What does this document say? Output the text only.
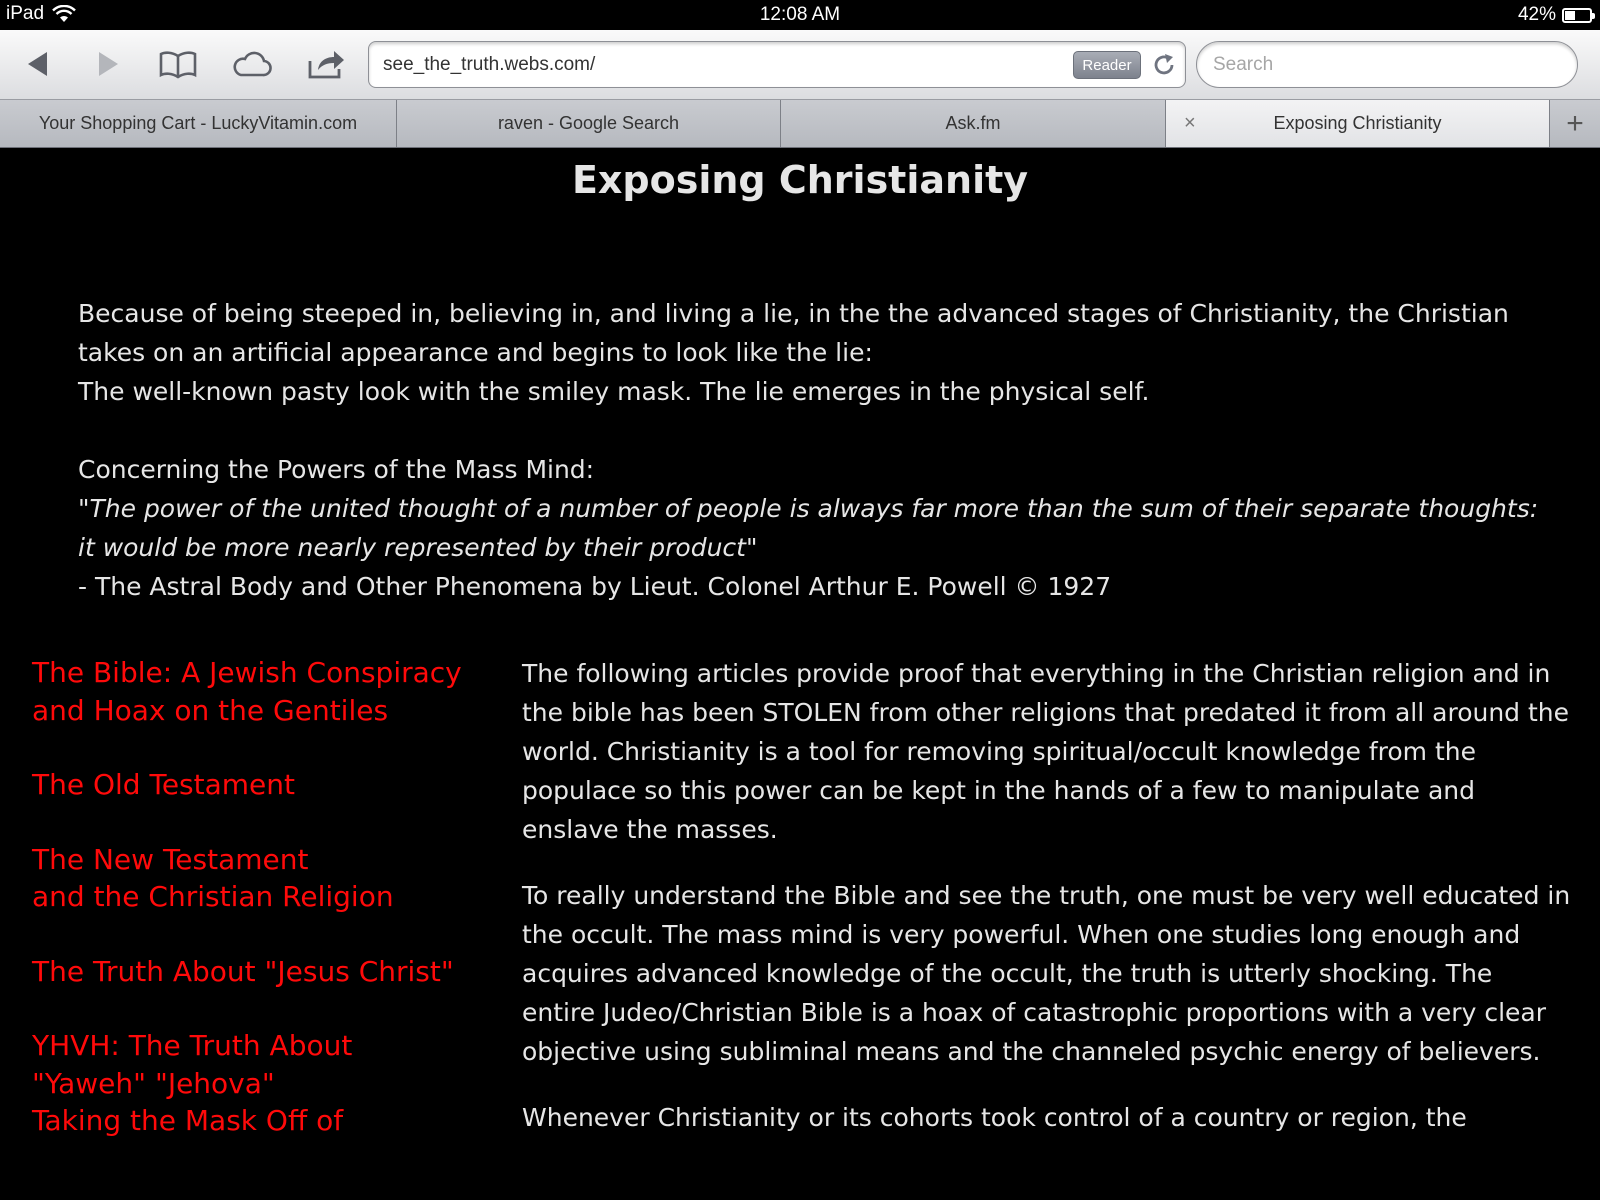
iPad	12:08 AM	42%
see_the_truth.webs.com/	Reader
Search
Your Shopping Cart - LuckyVitamin.com	raven - Google Search	Ask.fm	×	Exposing Christianity	+
Exposing Christianity

Because of being steeped in, believing in, and living a lie, in the the advanced stages of Christianity, the Christian takes on an artificial appearance and begins to look like the lie:

The well-known pasty look with the smiley mask. The lie emerges in the physical self.

Concerning the Powers of the Mass Mind:

"The power of the united thought of a number of people is always far more than the sum of their separate thoughts: it would be more nearly represented by their product"

- The Astral Body and Other Phenomena by Lieut. Colonel Arthur E. Powell © 1927

The Bible: A Jewish Conspiracy and Hoax on the Gentiles
The Old Testament
The New Testament
and the Christian Religion
The Truth About "Jesus Christ"
YHVH: The Truth About
"Yaweh" "Jehova"
Taking the Mask Off of

The following articles provide proof that everything in the Christian religion and in the bible has been STOLEN from other religions that predated it from all around the world. Christianity is a tool for removing spiritual/occult knowledge from the populace so this power can be kept in the hands of a few to manipulate and enslave the masses.

To really understand the Bible and see the truth, one must be very well educated in the occult. The mass mind is very powerful. When one studies long enough and acquires advanced knowledge of the occult, the truth is utterly shocking. The entire Judeo/Christian Bible is a hoax of catastrophic proportions with a very clear objective using subliminal means and the channeled psychic energy of believers.

Whenever Christianity or its cohorts took control of a country or region, the
